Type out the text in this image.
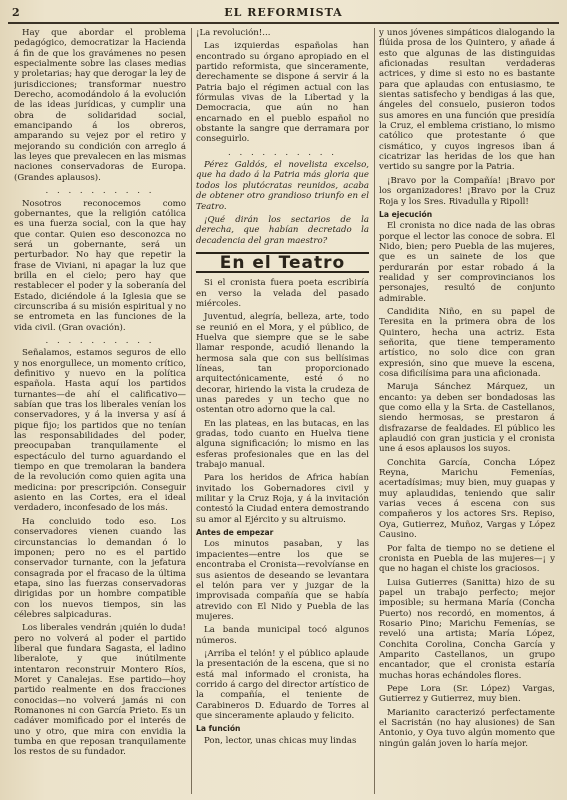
2	EL REFORMISTA

Hay que abordar el problema pedagógico, democratizar la Hacienda á fin de que los gravámenes no pesen especialmente sobre las clases medias y proletarias; hay que derogar la ley de jurisdicciones; transformar nuestro Derecho, acomodándolo á la evolución de las ideas jurídicas, y cumplir una obra de solidaridad social, emancipando á los obreros, amparando su vejez por el retiro y mejorando su condición con arreglo á las leyes que prevalecen en las mismas naciones conservadoras de Europa. (Grandes aplausos).

. . . . . . . . . .

Nosotros reconocemos como gobernantes, que la religión católica es una fuerza social, con la que hay que contar. Quien eso desconozca no será un gobernante, será un perturbador. No hay que repetir la frase de Viviani, ni apagar la luz que brilla en el cielo; pero hay que restablecer el poder y la soberanía del Estado, diciéndole á la Iglesia que se circunscriba á su misión espiritual y no se entrometa en las funciones de la vida civil. (Gran ovación).

. . . . . . . . . .

Señalamos, estamos seguros de ello y nos enorgullece, un momento crítico, definitivo y nuevo en la política española. Hasta aquí los partidos turnantes—de ahí el calificativo—sabían que tras los liberales venían los conservadores, y á la inversa y así á pique fijo; los partidos que no tenían las responsabilidades del poder, preocupaban tranquilamente el espectáculo del turno aguardando el tiempo en que tremolaran la bandera de la revolución como quien agita una medicina: por prescripción. Conseguir asiento en las Cortes, era el ideal verdadero, inconfesado de los más.

Ha concluido todo eso. Los conservadores vienen cuando las circunstancias lo demandan ó lo imponen; pero no es el partido conservador turnante, con la jefatura consagrada por el fracaso de la última etapa, sino las fuerzas conservadoras dirigidas por un hombre compatible con los nuevos tiempos, sin las célebres salpicaduras.

Los liberales vendrán ¡quién lo duda! pero no volverá al poder el partido liberal que fundara Sagasta, el ladino liberalote, y que inútilmente intentaron reconstruir Montero Ríos, Moret y Canalejas. Ese partido—hoy partido realmente en dos fracciones conocidas—no volverá jamás ni con Romanones ni con García Prieto. Es un cadáver momificado por el interés de uno y otro, que mira con envidia la tumba en que reposan tranquilamente los restos de su fundador.

¡La revolución!...

Las izquierdas españolas han encontrado su órgano apropiado en el partido reformista, que sinceramente, derechamente se dispone á servir á la Patria bajo el régimen actual con las fórmulas vivas de la Libertad y la Democracia, que aún no han encarnado en el pueblo español no obstante la sangre que derramara por conseguirlo.

. . . . . . . . . .

Pérez Galdós, el novelista excelso, que ha dado á la Patria más gloria que todos los plutócratas reunidos, acaba de obtener otro grandioso triunfo en el Teatro.

¡Qué dirán los sectarios de la derecha, que habían decretado la decadencia del gran maestro?

En el Teatro

Si el cronista fuera poeta escribiría en verso la velada del pasado miércoles.

Juventud, alegría, belleza, arte, todo se reunió en el Mora, y el público, de Huelva que siempre que se le sabe llamar responde, acudió llenando la hermosa sala que con sus bellísimas líneas, tan proporcionado arquitectónicamente, esté ó no decorar, hiriendo la vista la crudeza de unas paredes y un techo que no ostentan otro adorno que la cal.

En las plateas, en las butacas, en las gradas, todo cuanto en Huelva tiene alguna significación; lo mismo en las esferas profesionales que en las del trabajo manual.

Para los heridos de Africa habían invitado los Gobernadores civil y militar y la Cruz Roja, y á la invitación contestó la Ciudad entera demostrando su amor al Ejército y su altruismo.

Antes de empezar

Los minutos pasaban, y las impacientes—entre los que se encontraba el Cronista—revolvíanse en sus asientos de deseando se levantara el telón para ver y juzgar de la improvisada compañía que se había atrevido con El Nido y Puebla de las mujeres.

La banda municipal tocó algunos números.

¡Arriba el telón! y el público aplaude la presentación de la escena, que si no está mal informado el cronista, ha corrido á cargo del director artístico de la compañía, el teniente de Carabineros D. Eduardo de Torres al que sinceramente aplaudo y felicito.

La función

Pon, lector, unas chicas muy lindas

y unos jóvenes simpáticos dialogando la flúida prosa de los Quintero, y añade á esto que algunas de las distinguidas aficionadas resultan verdaderas actrices, y dime si esto no es bastante para que aplaudas con entusiasmo, te sientas satisfecho y bendigas á las que, ángeles del consuelo, pusieron todos sus amores en una función que presidía la Cruz, el emblema cristiano, lo mismo católico que protestante ó que cismático, y cuyos ingresos iban á cicatrizar las heridas de los que han vertido su sangre por la Patria.

¡Bravo por la Compañía! ¡Bravo por los organizadores! ¡Bravo por la Cruz Roja y los Sres. Rivadulla y Ripoll!

La ejecución

El cronista no dice nada de las obras porque el lector las conoce de sobra. El Nido, bien; pero Puebla de las mujeres, que es un sainete de los que perdurarán por estar robado á la realidad y ser comprovincianos los personajes, resultó de conjunto admirable.

Candidita Niño, en su papel de Teresita en la primera obra de los Quintero, hecha una actriz. Esta señorita, que tiene temperamento artístico, no solo dice con gran expresión, sino que mueve la escena, cosa dificilísima para una aficionada.

Maruja Sánchez Márquez, un encanto: ya deben ser bondadosas las que como ella y la Srta. de Castellanos, siendo hermosas, se prestaron á disfrazarse de fealdades. El público les aplaudió con gran justicia y el cronista une á esos aplausos los suyos.

Conchita García, Concha López Reyna, Marichu Femenías, acertadísimas; muy bien, muy guapas y muy aplaudidas, teniendo que salir varias veces á escena con sus compañeros y los actores Srs. Repiso, Oya, Gutierrez, Muñoz, Vargas y López Causino.

Por falta de tiempo no se detiene el cronista en Puebla de las mujeres—¡ y que no hagan el chiste los graciosos.

Luisa Gutierres (Sanitta) hizo de su papel un trabajo perfecto; mejor imposible; su hermana María (Concha Puerto) nos recordó, en momentos, á Rosario Pino; Marichu Femenías, se reveló una artista; María López, Conchita Corolina, Concha García y Amparito Castellanos, un grupo encantador, que el cronista estaría muchas horas echándoles flores.

Pepe Lora (Sr. López) Vargas, Gutierrez y Gutierrez, muy bien.

Marianito caracterizó perfectamente el Sacristán (no hay alusiones) de San Antonio, y Oya tuvo algún momento que ningún galán joven lo haría mejor.
